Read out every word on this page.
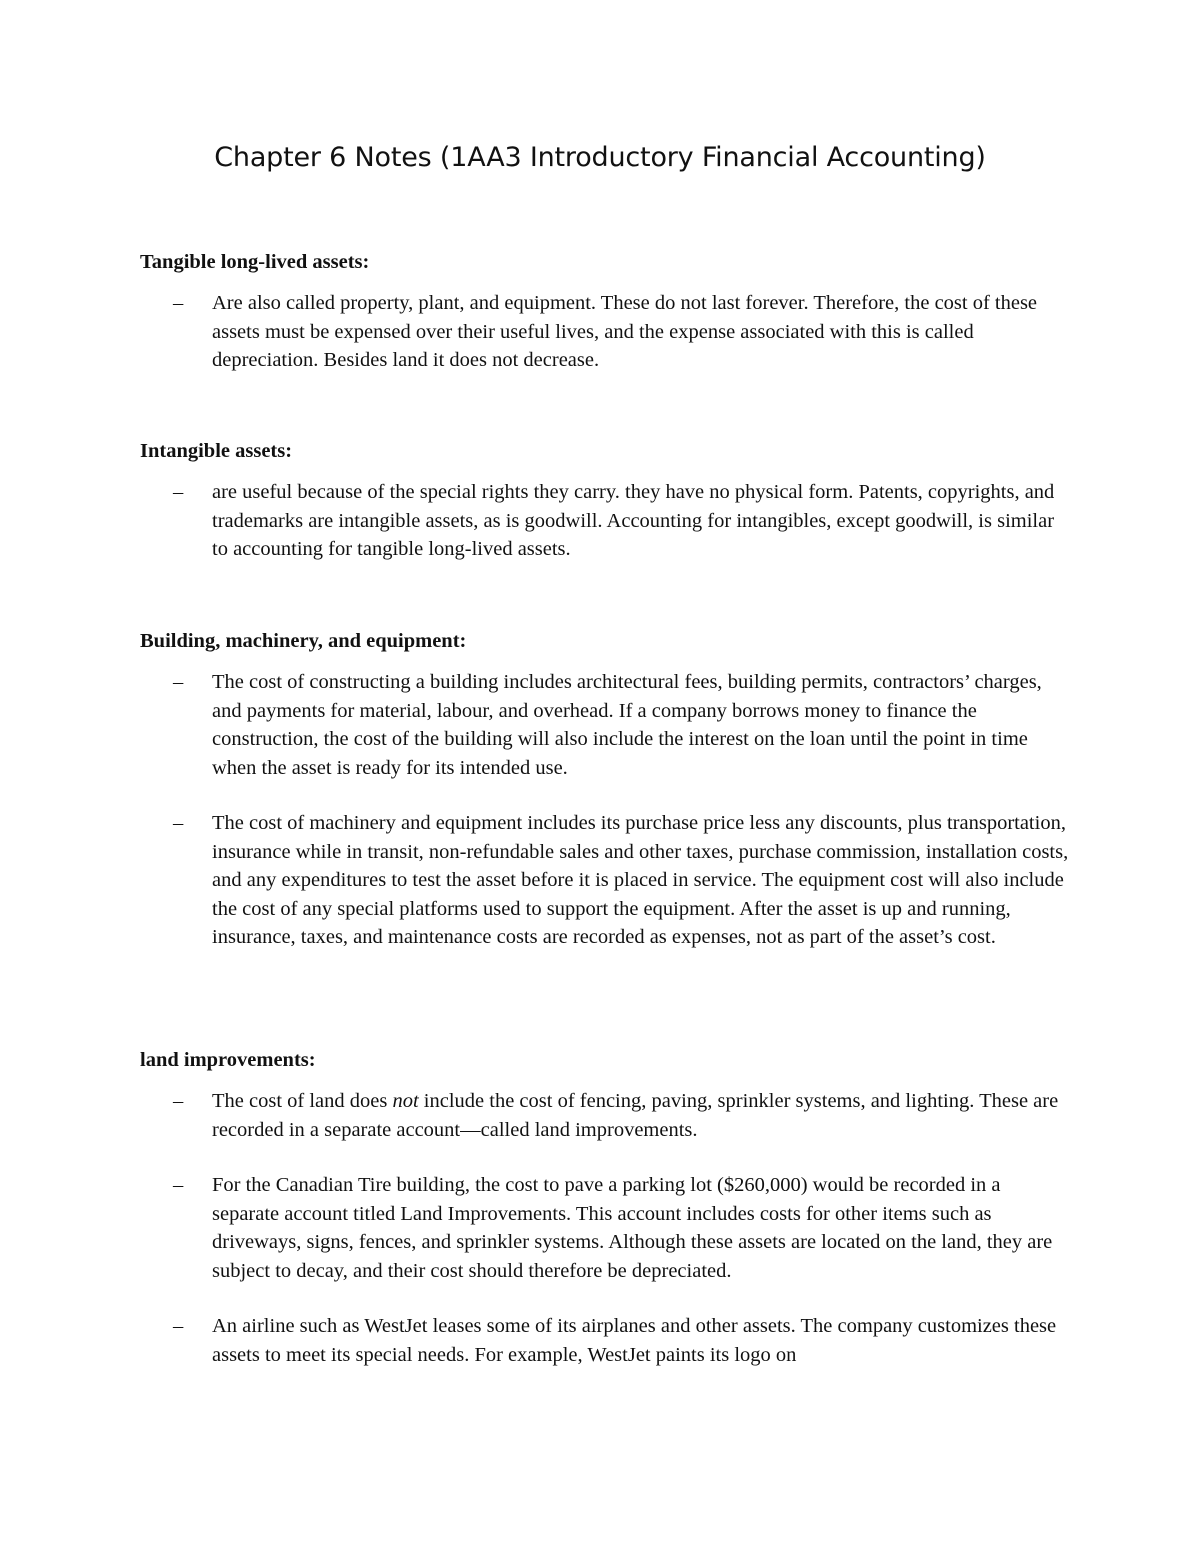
Chapter 6 Notes (1AA3 Introductory Financial Accounting)

Tangible long-lived assets:

– Are also called property, plant, and equipment. These do not last forever. Therefore, the cost of these assets must be expensed over their useful lives, and the expense associated with this is called depreciation. Besides land it does not decrease.

Intangible assets:

– are useful because of the special rights they carry. they have no physical form. Patents, copyrights, and trademarks are intangible assets, as is goodwill. Accounting for intangibles, except goodwill, is similar to accounting for tangible long-lived assets.

Building, machinery, and equipment:

– The cost of constructing a building includes architectural fees, building permits, contractors’ charges, and payments for material, labour, and overhead. If a company borrows money to finance the construction, the cost of the building will also include the interest on the loan until the point in time when the asset is ready for its intended use.
– The cost of machinery and equipment includes its purchase price less any discounts, plus transportation, insurance while in transit, non-refundable sales and other taxes, purchase commission, installation costs, and any expenditures to test the asset before it is placed in service. The equipment cost will also include the cost of any special platforms used to support the equipment. After the asset is up and running, insurance, taxes, and maintenance costs are recorded as expenses, not as part of the asset’s cost.

land improvements:

– The cost of land does not include the cost of fencing, paving, sprinkler systems, and lighting. These are recorded in a separate account—called land improvements.
– For the Canadian Tire building, the cost to pave a parking lot ($260,000) would be recorded in a separate account titled Land Improvements. This account includes costs for other items such as driveways, signs, fences, and sprinkler systems. Although these assets are located on the land, they are subject to decay, and their cost should therefore be depreciated.
– An airline such as WestJet leases some of its airplanes and other assets. The company customizes these assets to meet its special needs. For example, WestJet paints its logo on
